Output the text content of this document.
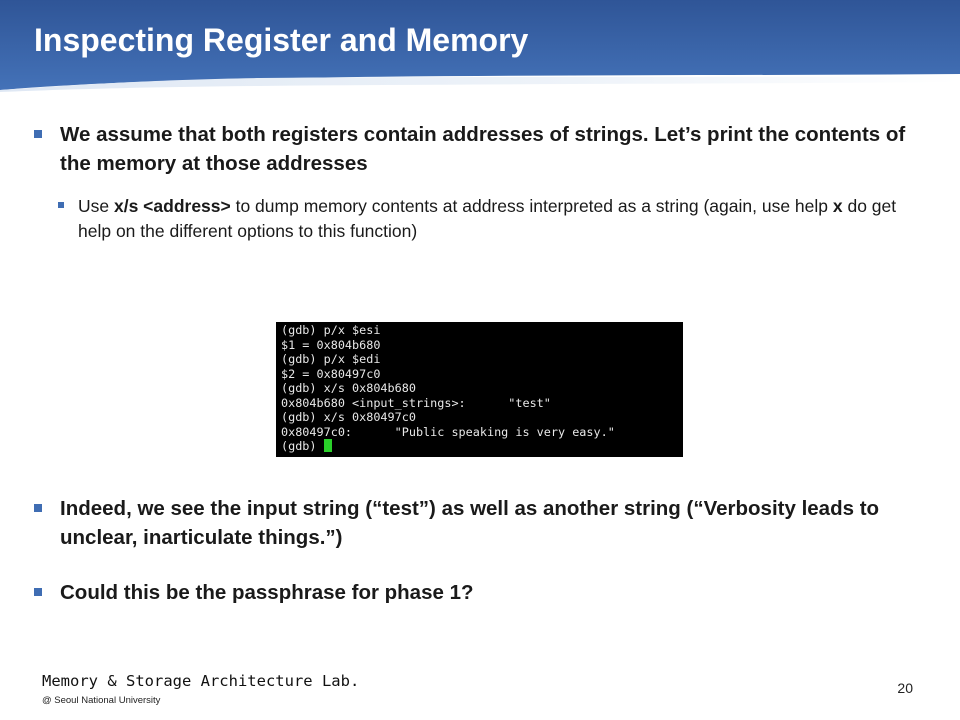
Inspecting Register and Memory
We assume that both registers contain addresses of strings. Let’s print the contents of the memory at those addresses
Use x/s <address> to dump memory contents at address interpreted as a string (again, use help x do get help on the different options to this function)
(gdb) p/x $esi
$1 = 0x804b680
(gdb) p/x $edi
$2 = 0x80497c0
(gdb) x/s 0x804b680
0x804b680 <input_strings>:      "test"
(gdb) x/s 0x80497c0
0x80497c0:      "Public speaking is very easy."
(gdb)
Indeed, we see the input string (“test”) as well as another string (“Verbosity leads to unclear, inarticulate things.”)
Could this be the passphrase for phase 1?
Memory & Storage Architecture Lab.
@ Seoul National University
20
